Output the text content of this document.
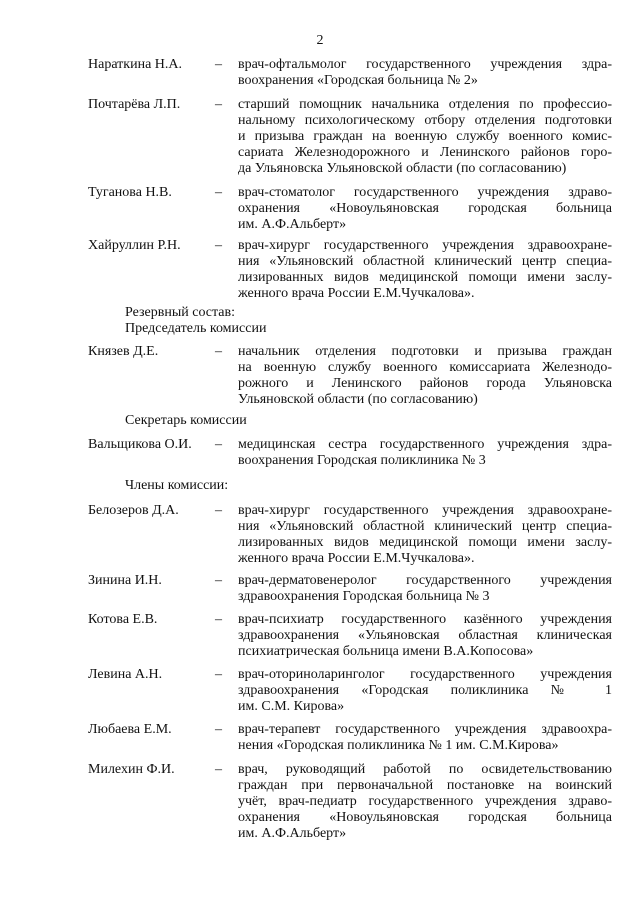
2
Нараткина Н.А. – врач-офтальмолог государственного учреждения здра-
воохранения «Городская больница № 2»
Почтарёва Л.П. – старший помощник начальника отделения по профессио-
нальному психологическому отбору отделения подготовки
и призыва граждан на военную службу военного комис-
сариата Железнодорожного и Ленинского районов горо-
да Ульяновска Ульяновской области (по согласованию)
Туганова Н.В.	– врач-стоматолог государственного учреждения здраво-
охранения «Новоульяновская городская больница
им. А.Ф.Альберт»
Хайруллин Р.Н. – врач-хирург государственного учреждения здравоохране-
ния «Ульяновский областной клинический центр специа-
лизированных видов медицинской помощи имени заслу-
женного врача России Е.М.Чучкалова».
Резервный состав:
Председатель комиссии
Князев Д.Е.	– начальник отделения подготовки и призыва граждан
на военную службу военного комиссариата Железнодо-
рожного и Ленинского районов города Ульяновска
Ульяновской области (по согласованию)
Секретарь комиссии
Вальщикова О.И. – медицинская сестра государственного учреждения здра-
воохранения Городская поликлиника № 3
Члены комиссии:
Белозеров Д.А.	– врач-хирург государственного учреждения здравоохране-
ния «Ульяновский областной клинический центр специа-
лизированных видов медицинской помощи имени заслу-
женного врача России Е.М.Чучкалова».
Зинина И.Н.	– врач-дерматовенеролог государственного учреждения
здравоохранения Городская больница № 3
Котова Е.В.	– врач-психиатр государственного казённого учреждения
здравоохранения «Ульяновская областная клиническая
психиатрическая больница имени В.А.Копосова»
Левина А.Н.	– врач-оториноларинголог государственного учреждения
здравоохранения «Городская поликлиника № 1
им. С.М. Кирова»
Любаева Е.М.	– врач-терапевт государственного учреждения здравоохра-
нения «Городская поликлиника № 1 им. С.М.Кирова»
Милехин Ф.И.	– врач, руководящий работой по освидетельствованию
граждан при первоначальной постановке на воинский
учёт, врач-педиатр государственного учреждения здраво-
охранения «Новоульяновская городская больница
им. А.Ф.Альберт»
